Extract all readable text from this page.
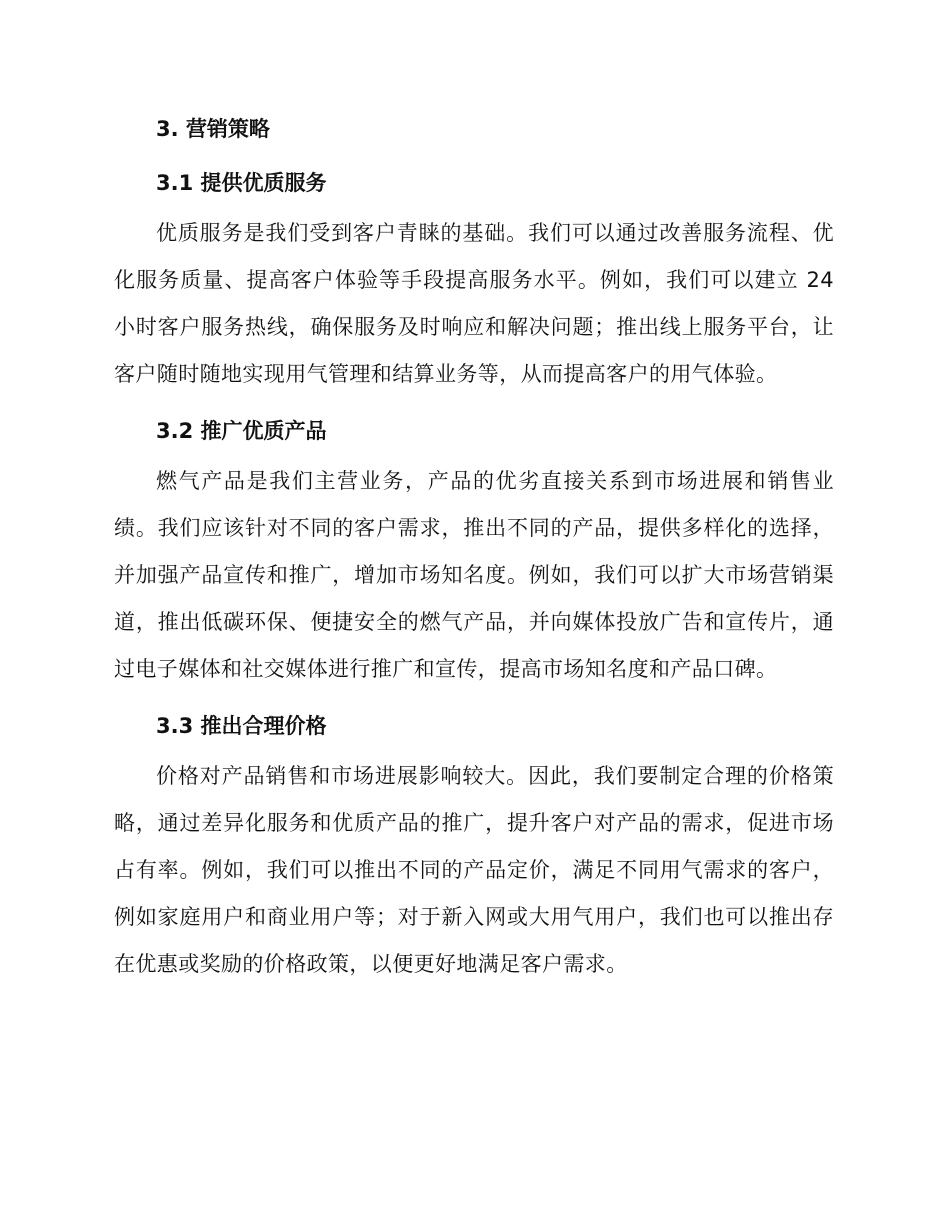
3. 营销策略
3.1 提供优质服务

优质服务是我们受到客户青睐的基础。我们可以通过改善服务流程、优化服务质量、提高客户体验等手段提高服务水平。例如，我们可以建立 24 小时客户服务热线，确保服务及时响应和解决问题；推出线上服务平台，让客户随时随地实现用气管理和结算业务等，从而提高客户的用气体验。

3.2 推广优质产品

燃气产品是我们主营业务，产品的优劣直接关系到市场进展和销售业绩。我们应该针对不同的客户需求，推出不同的产品，提供多样化的选择，并加强产品宣传和推广，增加市场知名度。例如，我们可以扩大市场营销渠道，推出低碳环保、便捷安全的燃气产品，并向媒体投放广告和宣传片，通过电子媒体和社交媒体进行推广和宣传，提高市场知名度和产品口碑。

3.3 推出合理价格

价格对产品销售和市场进展影响较大。因此，我们要制定合理的价格策略，通过差异化服务和优质产品的推广，提升客户对产品的需求，促进市场占有率。例如，我们可以推出不同的产品定价，满足不同用气需求的客户，例如家庭用户和商业用户等；对于新入网或大用气用户，我们也可以推出存在优惠或奖励的价格政策，以便更好地满足客户需求。
